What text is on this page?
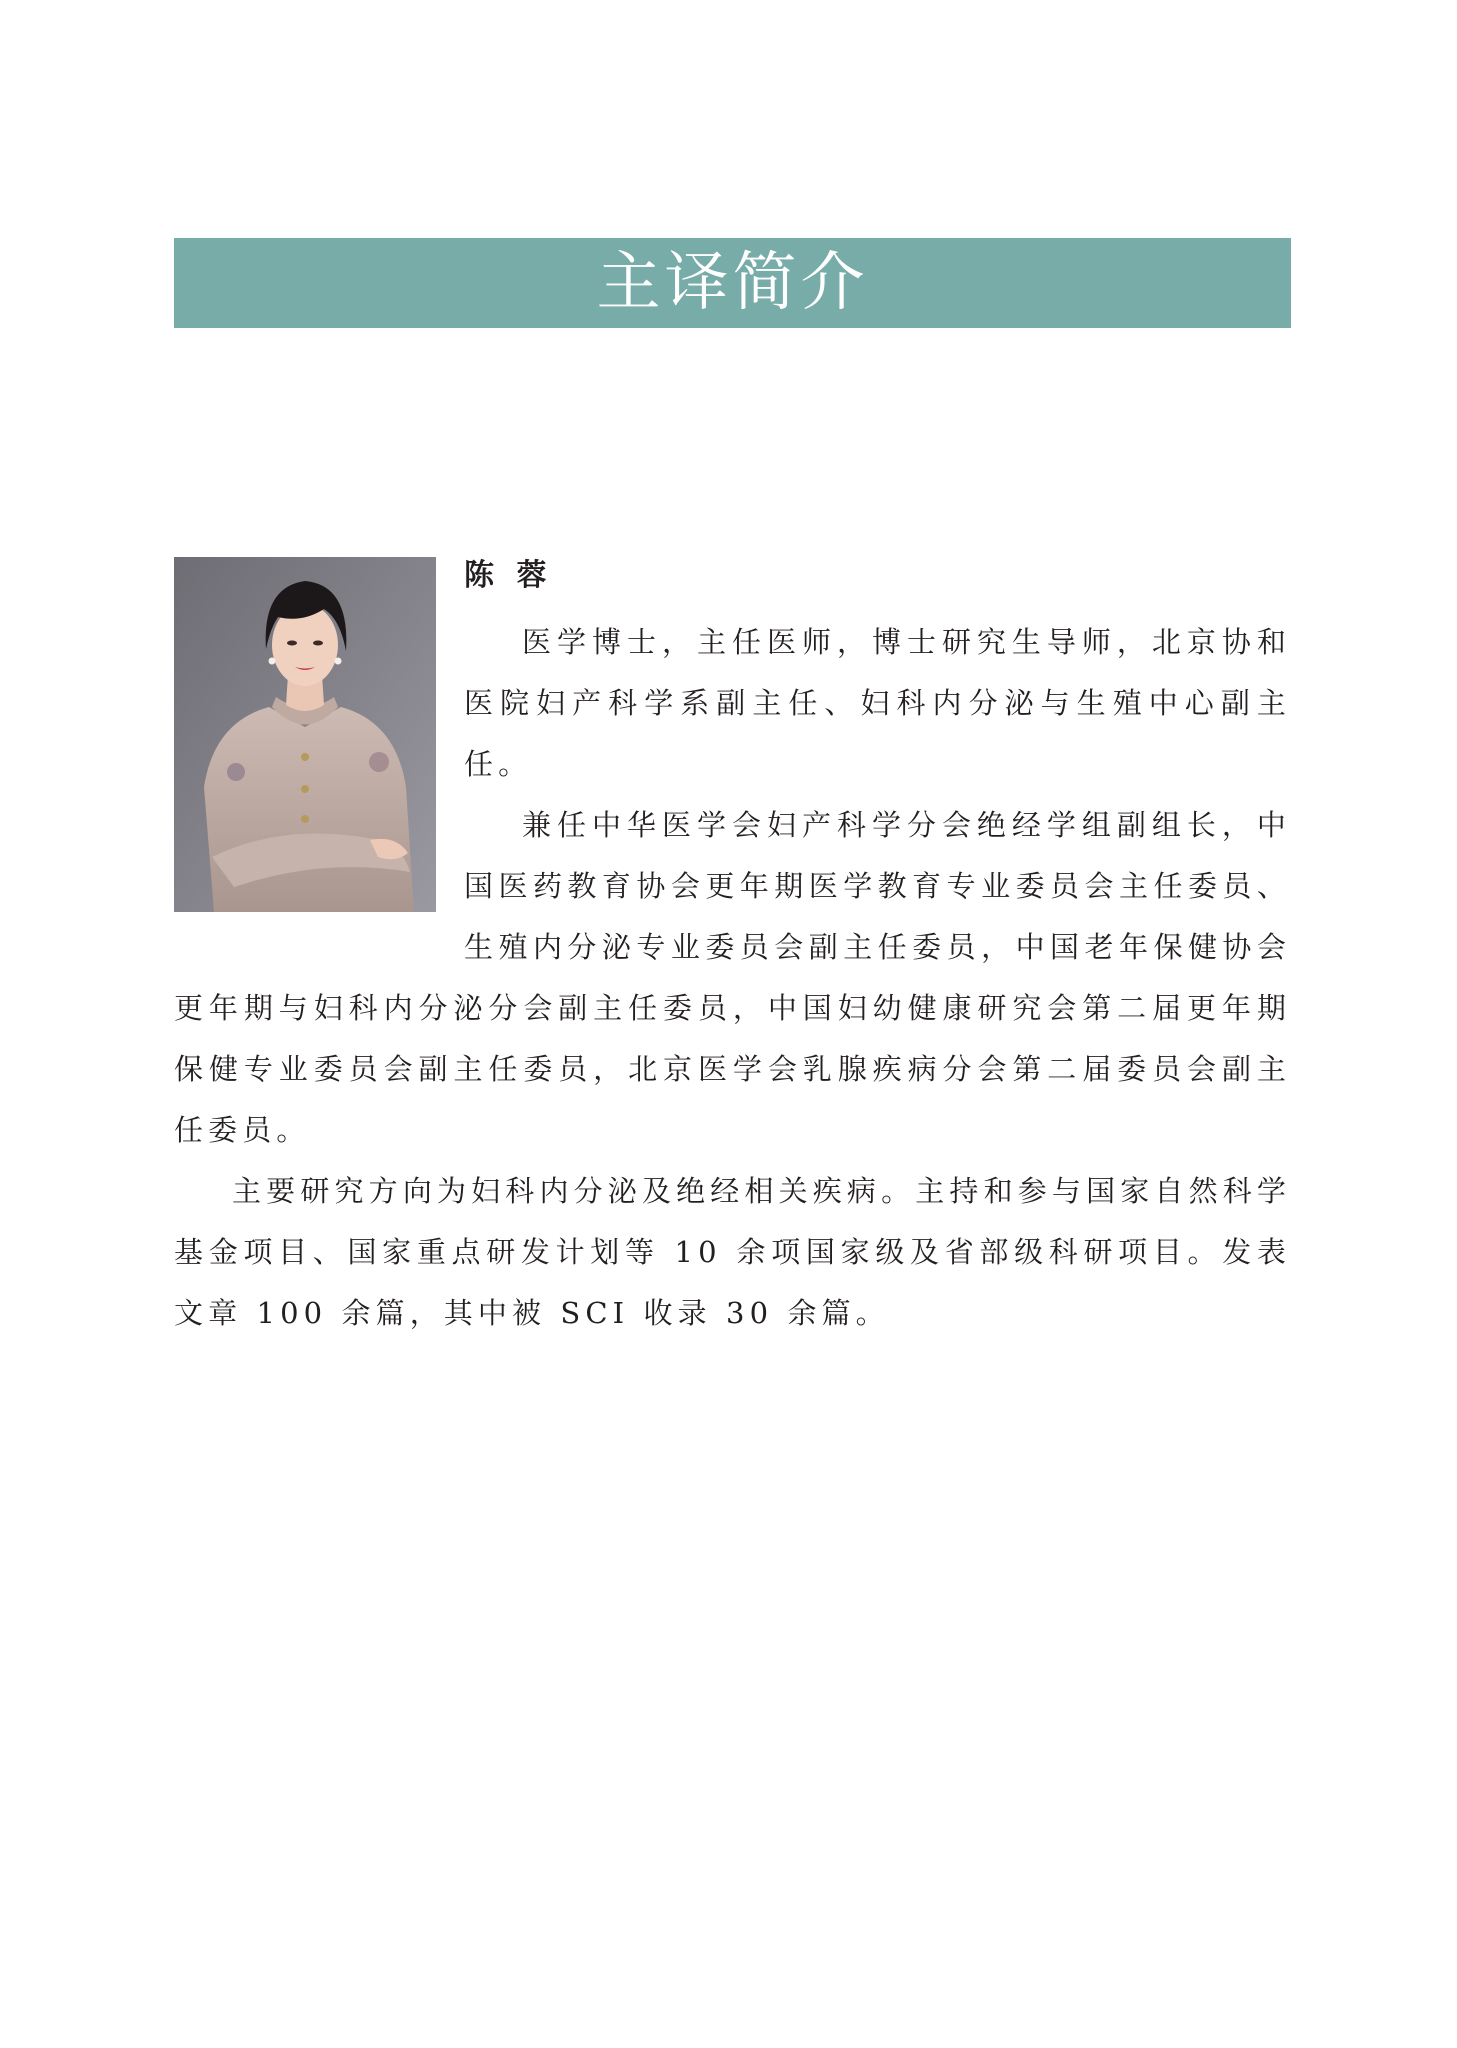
主译简介

陈 蓉

医学博士，主任医师，博士研究生导师，北京协和医院妇产科学系副主任、妇科内分泌与生殖中心副主任。

兼任中华医学会妇产科学分会绝经学组副组长，中国医药教育协会更年期医学教育专业委员会主任委员、生殖内分泌专业委员会副主任委员，中国老年保健协会更年期与妇科内分泌分会副主任委员，中国妇幼健康研究会第二届更年期保健专业委员会副主任委员，北京医学会乳腺疾病分会第二届委员会副主任委员。

主要研究方向为妇科内分泌及绝经相关疾病。主持和参与国家自然科学基金项目、国家重点研发计划等 10 余项国家级及省部级科研项目。发表文章 100 余篇，其中被 SCI 收录 30 余篇。
